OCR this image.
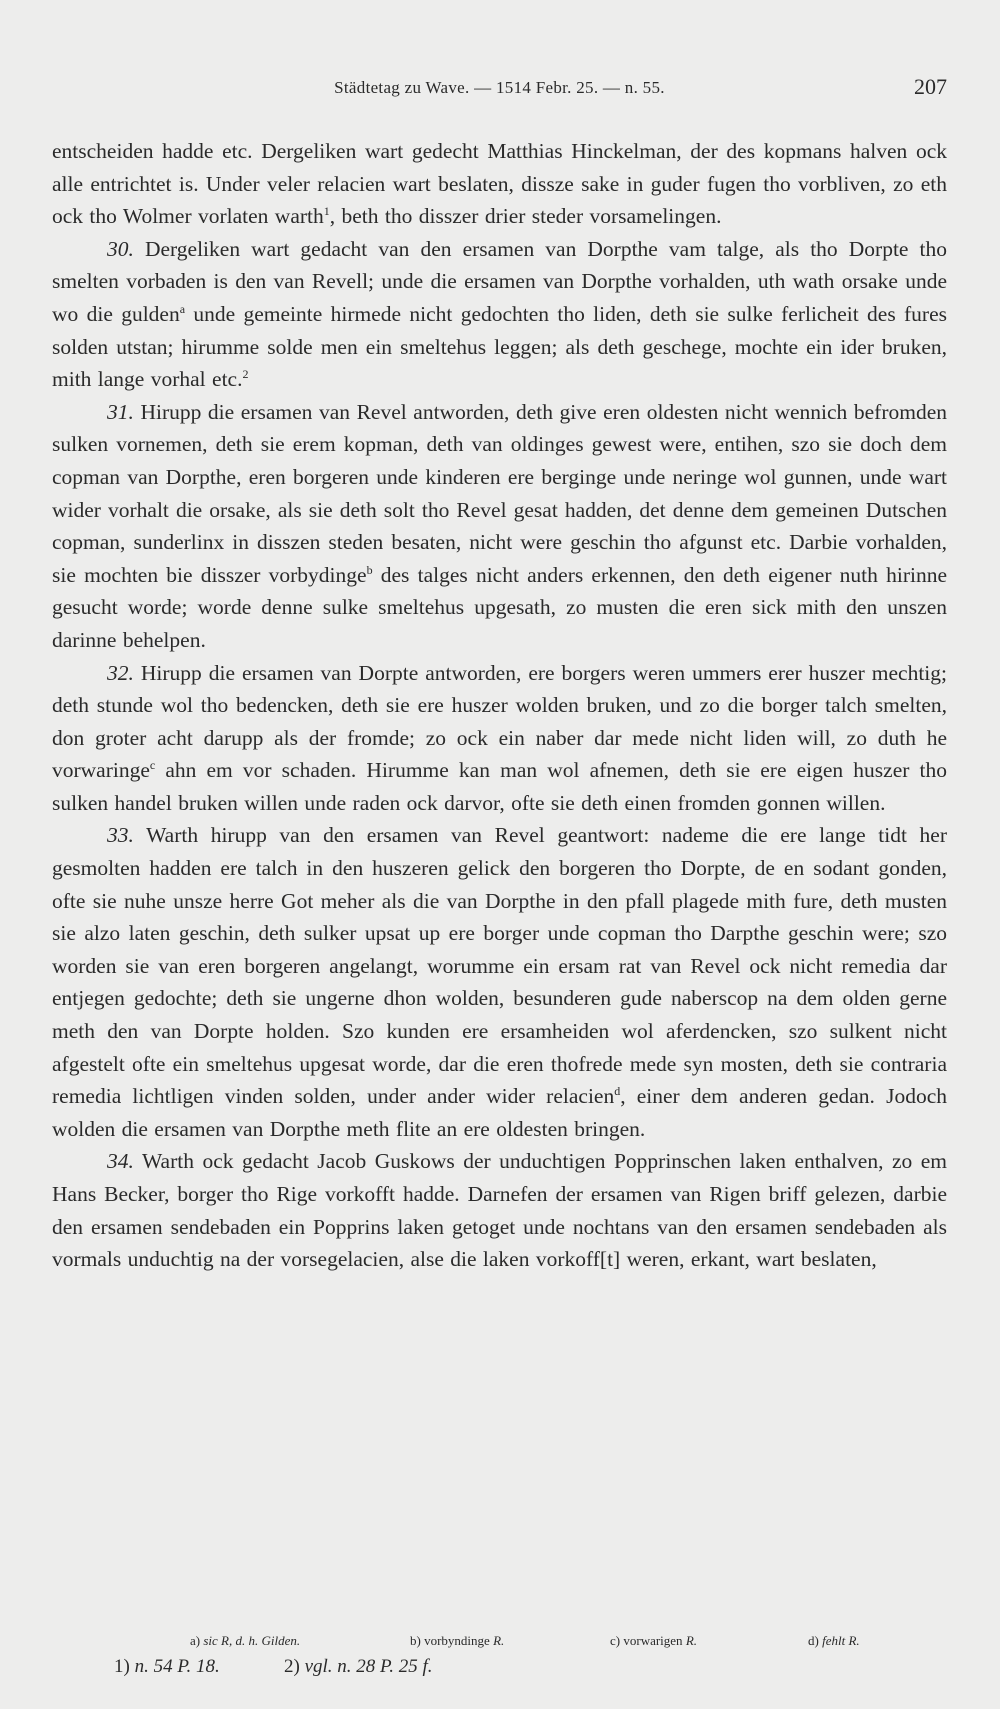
Städtetag zu Wave. — 1514 Febr. 25. — n. 55.	207

entscheiden hadde etc. Dergeliken wart gedecht Matthias Hinckelman, der des kopmans halven ock alle entrichtet is. Under veler relacien wart beslaten, dissze sake in guder fugen tho vorbliven, zo eth ock tho Wolmer vorlaten warth$^1$, beth tho disszer drier steder vorsamelingen.

30. Dergeliken wart gedacht van den ersamen van Dorpthe vam talge, als tho Dorpte tho smelten vorbaden is den van Revell; unde die ersamen van Dorpthe vorhalden, uth wath orsake unde wo die gulden$^a$ unde gemeinte hirmede nicht gedochten tho liden, deth sie sulke ferlicheit des fures solden utstan; hirumme solde men ein smeltehus leggen; als deth geschege, mochte ein ider bruken, mith lange vorhal etc.$^2$

31. Hirupp die ersamen van Revel antworden, deth give eren oldesten nicht wennich befromden sulken vornemen, deth sie erem kopman, deth van oldinges gewest were, entihen, szo sie doch dem copman van Dorpthe, eren borgeren unde kinderen ere berginge unde neringe wol gunnen, unde wart wider vorhalt die orsake, als sie deth solt tho Revel gesat hadden, det denne dem gemeinen Dutschen copman, sunderlinx in disszen steden besaten, nicht were geschin tho afgunst etc. Darbie vorhalden, sie mochten bie disszer vorbydinge$^b$ des talges nicht anders erkennen, den deth eigener nuth hirinne gesucht worde; worde denne sulke smeltehus upgesath, zo musten die eren sick mith den unszen darinne behelpen.

32. Hirupp die ersamen van Dorpte antworden, ere borgers weren ummers erer huszer mechtig; deth stunde wol tho bedencken, deth sie ere huszer wolden bruken, und zo die borger talch smelten, don groter acht darupp als der fromde; zo ock ein naber dar mede nicht liden will, zo duth he vorwaringe$^c$ ahn em vor schaden. Hirumme kan man wol afnemen, deth sie ere eigen huszer tho sulken handel bruken willen unde raden ock darvor, ofte sie deth einen fromden gonnen willen.

33. Warth hirupp van den ersamen van Revel geantwort: nademe die ere lange tidt her gesmolten hadden ere talch in den huszeren gelick den borgeren tho Dorpte, de en sodant gonden, ofte sie nuhe unsze herre Got meher als die van Dorpthe in den pfall plagede mith fure, deth musten sie alzo laten geschin, deth sulker upsat up ere borger unde copman tho Darpthe geschin were; szo worden sie van eren borgeren angelangt, worumme ein ersam rat van Revel ock nicht remedia dar entjegen gedochte; deth sie ungerne dhon wolden, besunderen gude naberscop na dem olden gerne meth den van Dorpte holden. Szo kunden ere ersamheiden wol aferdencken, szo sulkent nicht afgestelt ofte ein smeltehus upgesat worde, dar die eren thofrede mede syn mosten, deth sie contraria remedia lichtligen vinden solden, under ander wider relacien$^d$, einer dem anderen gedan. Jodoch wolden die ersamen van Dorpthe meth flite an ere oldesten bringen.

34. Warth ock gedacht Jacob Guskows der unduchtigen Popprinschen laken enthalven, zo em Hans Becker, borger tho Rige vorkofft hadde. Darnefen der ersamen van Rigen briff gelezen, darbie den ersamen sendebaden ein Popprins laken getoget unde nochtans van den ersamen sendebaden als vormals unduchtig na der vorsegelacien, alse die laken vorkoff[t] weren, erkant, wart beslaten,

a) sic R, d. h. Gilden.	b) vorbyndinge R.	c) vorwarigen R.	d) fehlt R.
1) n. 54 P. 18.	2) vgl. n. 28 P. 25 f.
